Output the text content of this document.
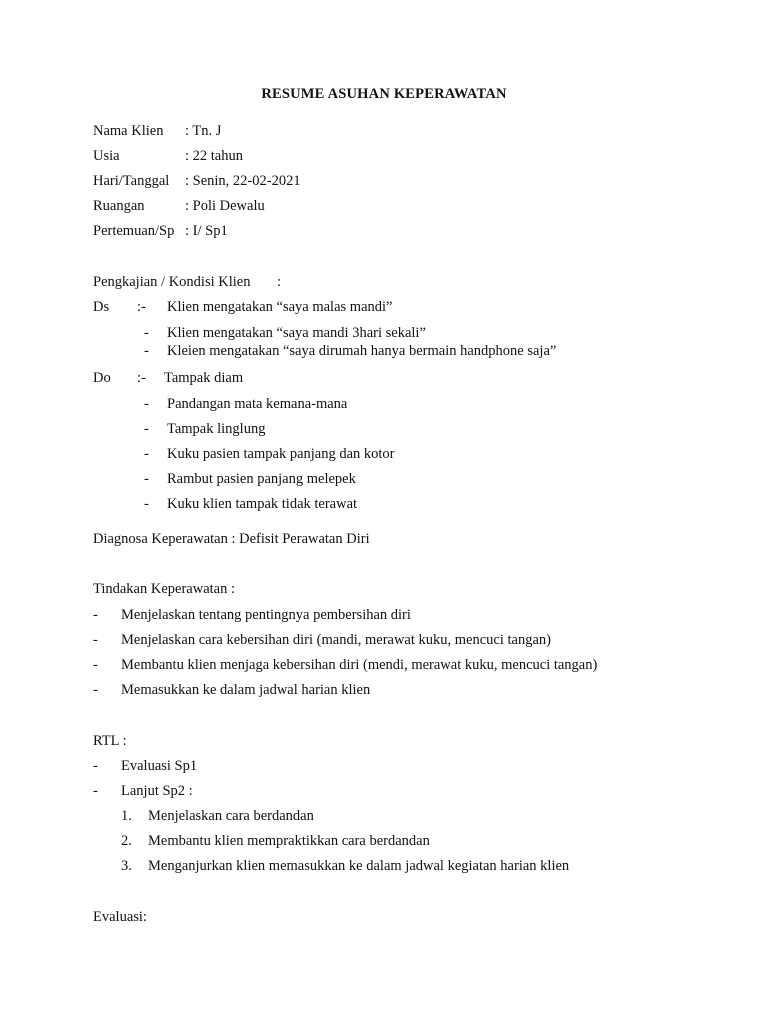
RESUME ASUHAN KEPERAWATAN
Nama Klien : Tn. J
Usia	: 22 tahun
Hari/Tanggal : Senin, 22-02-2021
Ruangan	: Poli Dewalu
Pertemuan/Sp : I/ Sp1
Pengkajian / Kondisi Klien :
Ds :- Klien mengatakan “saya malas mandi”
- Klien mengatakan “saya mandi 3hari sekali”
- Kleien mengatakan “saya dirumah hanya bermain handphone saja”
Do :- Tampak diam
- Pandangan mata kemana-mana
- Tampak linglung
- Kuku pasien tampak panjang dan kotor
- Rambut pasien panjang melepek
- Kuku klien tampak tidak terawat
Diagnosa Keperawatan : Defisit Perawatan Diri
Tindakan Keperawatan :
- Menjelaskan tentang pentingnya pembersihan diri
- Menjelaskan cara kebersihan diri (mandi, merawat kuku, mencuci tangan)
- Membantu klien menjaga kebersihan diri (mendi, merawat kuku, mencuci tangan)
- Memasukkan ke dalam jadwal harian klien
RTL :
- Evaluasi Sp1
- Lanjut Sp2 :
1. Menjelaskan cara berdandan
2. Membantu klien mempraktikkan cara berdandan
3. Menganjurkan klien memasukkan ke dalam jadwal kegiatan harian klien
Evaluasi:
